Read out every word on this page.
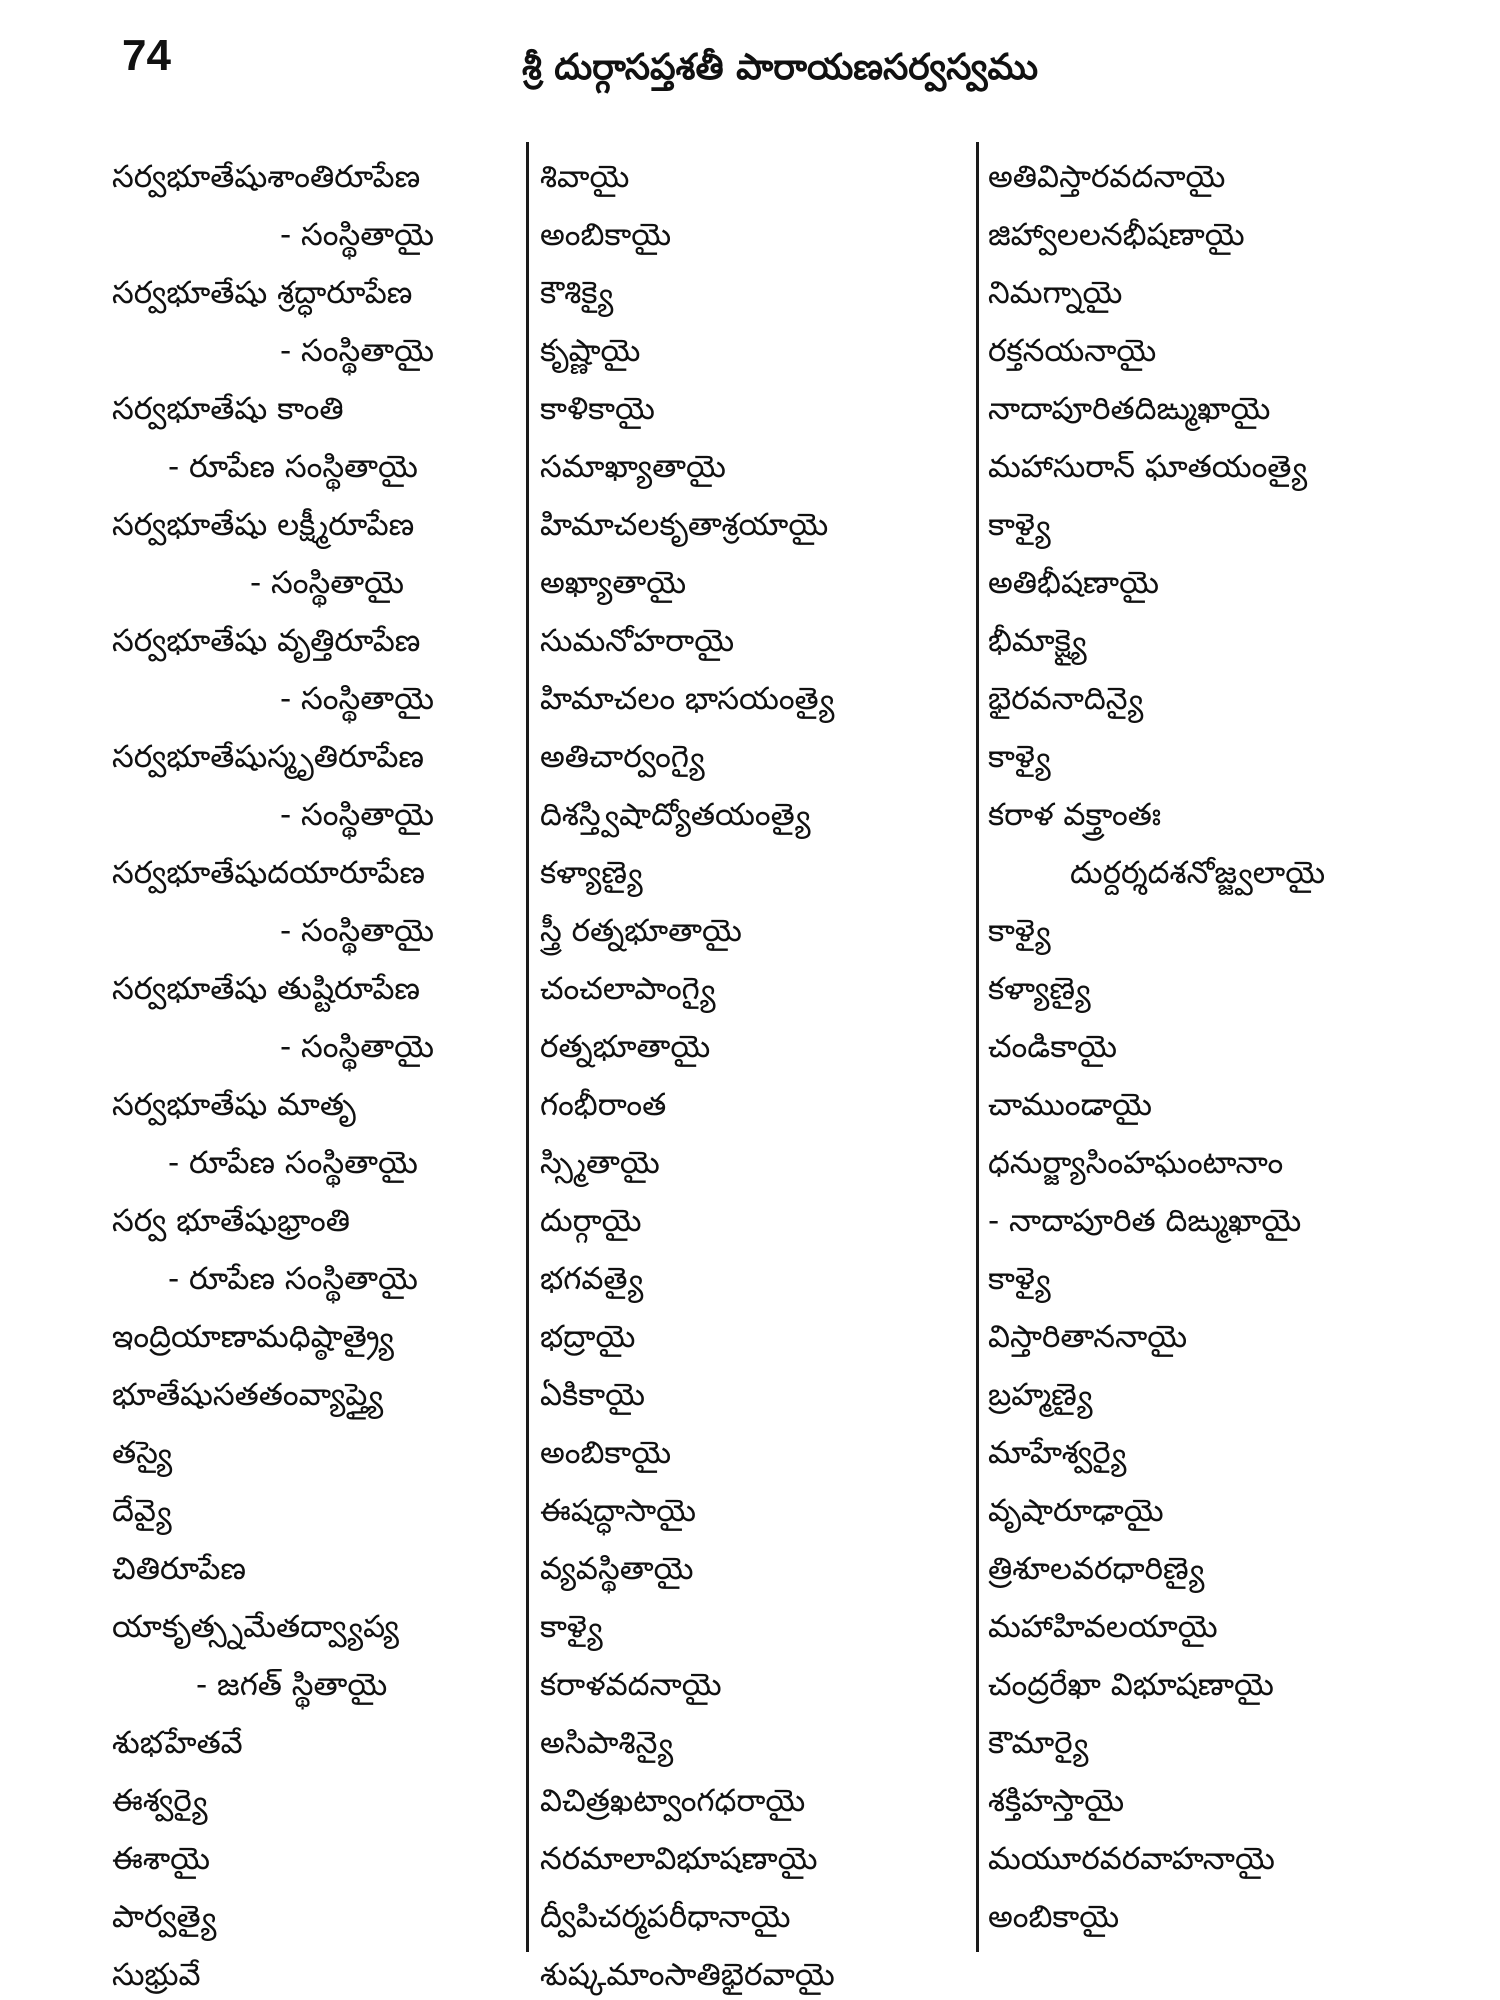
74	శ్రీ దుర్గాసప్తశతీ పారాయణసర్వస్వము
సర్వభూతేషుశాంతిరూపేణ
- సంస్థితాయై
సర్వభూతేషు శ్రద్ధారూపేణ
- సంస్థితాయై
సర్వభూతేషు కాంతి
- రూపేణ సంస్థితాయై
సర్వభూతేషు లక్ష్మీరూపేణ
- సంస్థితాయై
సర్వభూతేషు వృత్తిరూపేణ
- సంస్థితాయై
సర్వభూతేషుస్మృతిరూపేణ
- సంస్థితాయై
సర్వభూతేషుదయారూపేణ
- సంస్థితాయై
సర్వభూతేషు తుష్టిరూపేణ
- సంస్థితాయై
సర్వభూతేషు మాతృ
- రూపేణ సంస్థితాయై
సర్వ భూతేషుభ్రాంతి
- రూపేణ సంస్థితాయై
ఇంద్రియాణామధిష్ఠాత్ర్యై
భూతేషుసతతంవ్యాప్త్యై
తస్యై
దేవ్యై
చితిరూపేణ
యాకృత్స్నమేతద్వ్యాప్య
- జగత్ స్థితాయై
శుభహేతవే
ఈశ్వర్యై
ఈశాయై
పార్వత్యై
సుభ్రువే
శివాయై
అంబికాయై
కౌశిక్యై
కృష్ణాయై
కాళికాయై
సమాఖ్యాతాయై
హిమాచలకృతాశ్రయాయై
అఖ్యాతాయై
సుమనోహరాయై
హిమాచలం భాసయంత్యై
అతిచార్వంగ్యై
దిశస్త్విషాద్యోతయంత్యై
కళ్యాణ్యై
స్త్రీ రత్నభూతాయై
చంచలాపాంగ్యై
రత్నభూతాయై
గంభీరాంత
స్స్మితాయై
దుర్గాయై
భగవత్యై
భద్రాయై
ఏకికాయై
అంబికాయై
ఈషద్ధాసాయై
వ్యవస్థితాయై
కాళ్యై
కరాళవదనాయై
అసిపాశిన్యై
విచిత్రఖట్వాంగధరాయై
నరమాలావిభూషణాయై
ద్వీపిచర్మపరీధానాయై
శుష్కమాంసాతిభైరవాయై
అతివిస్తారవదనాయై
జిహ్వాలలనభీషణాయై
నిమగ్నాయై
రక్తనయనాయై
నాదాపూరితదిఙ్ముఖాయై
మహాసురాన్ ఘాతయంత్యై
కాళ్యై
అతిభీషణాయై
భీమాక్ష్యై
భైరవనాదిన్యై
కాళ్యై
కరాళ వక్త్రాంతః
దుర్దర్శదశనోజ్జ్వలాయై
కాళ్యై
కళ్యాణ్యై
చండికాయై
చాముండాయై
ధనుర్జ్యాసింహఘంటానాం
- నాదాపూరిత దిఙ్ముఖాయై
కాళ్యై
విస్తారితాననాయై
బ్రహ్మణ్యై
మాహేశ్వర్యై
వృషారూఢాయై
త్రిశూలవరధారిణ్యై
మహాహివలయాయై
చంద్రరేఖా విభూషణాయై
కౌమార్యై
శక్తిహస్తాయై
మయూరవరవాహనాయై
అంబికాయై
